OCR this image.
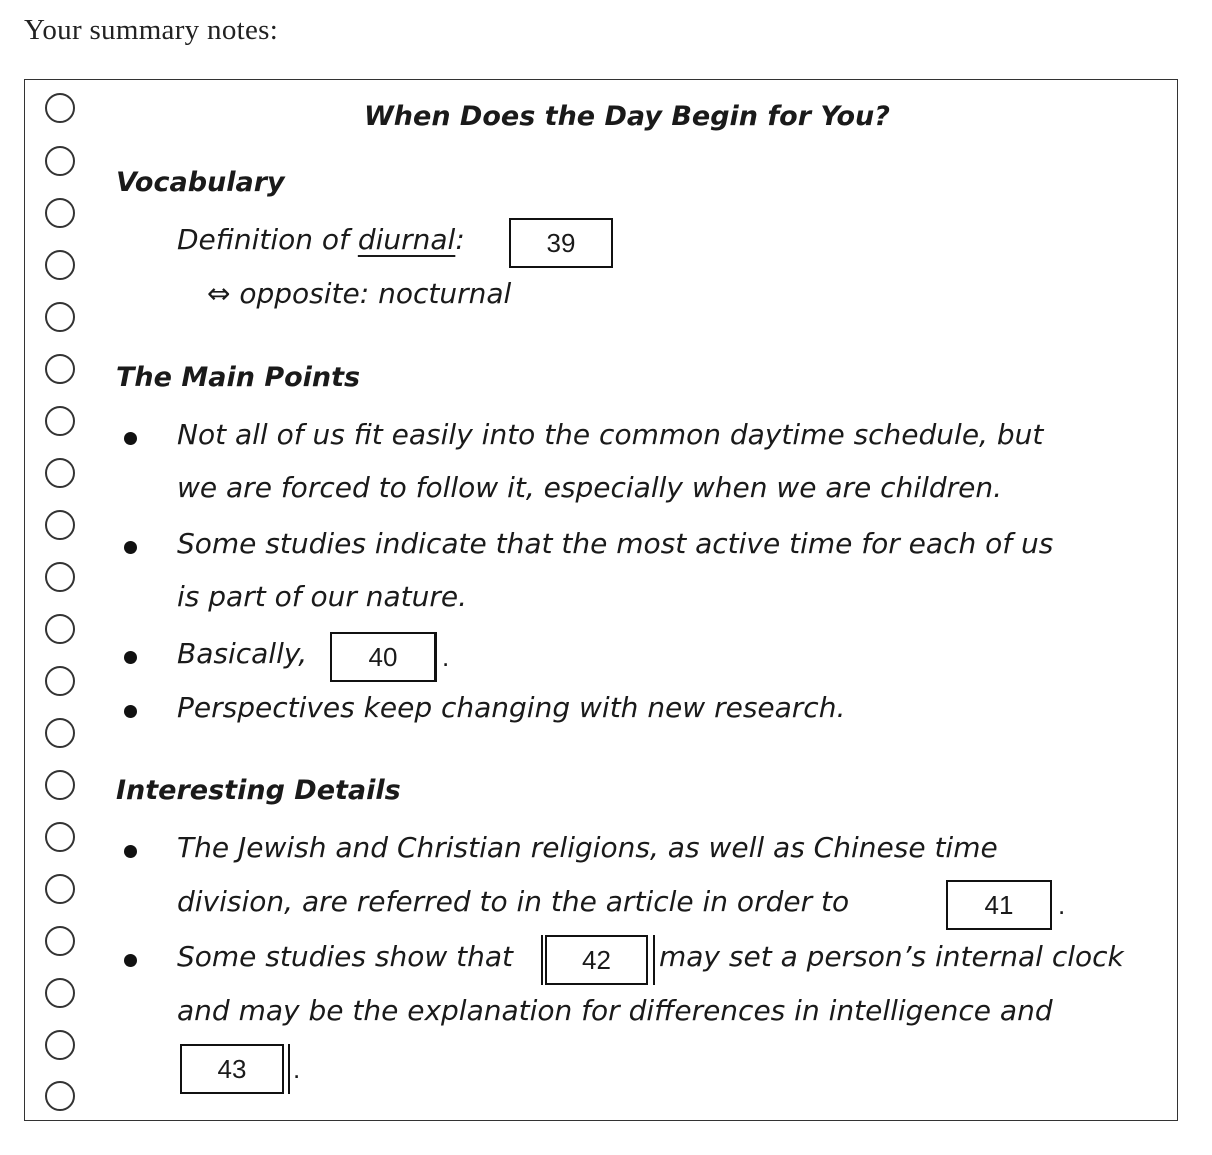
Your summary notes:
When Does the Day Begin for You?
Vocabulary
Definition of diurnal:	39
⇔ opposite: nocturnal
The Main Points
Not all of us fit easily into the common daytime schedule, but
we are forced to follow it, especially when we are children.
Some studies indicate that the most active time for each of us
is part of our nature.
Basically,	40	.
Perspectives keep changing with new research.
Interesting Details
The Jewish and Christian religions, as well as Chinese time
division, are referred to in the article in order to	41	.
Some studies show that	42	may set a person’s internal clock
and may be the explanation for differences in intelligence and
43	.
